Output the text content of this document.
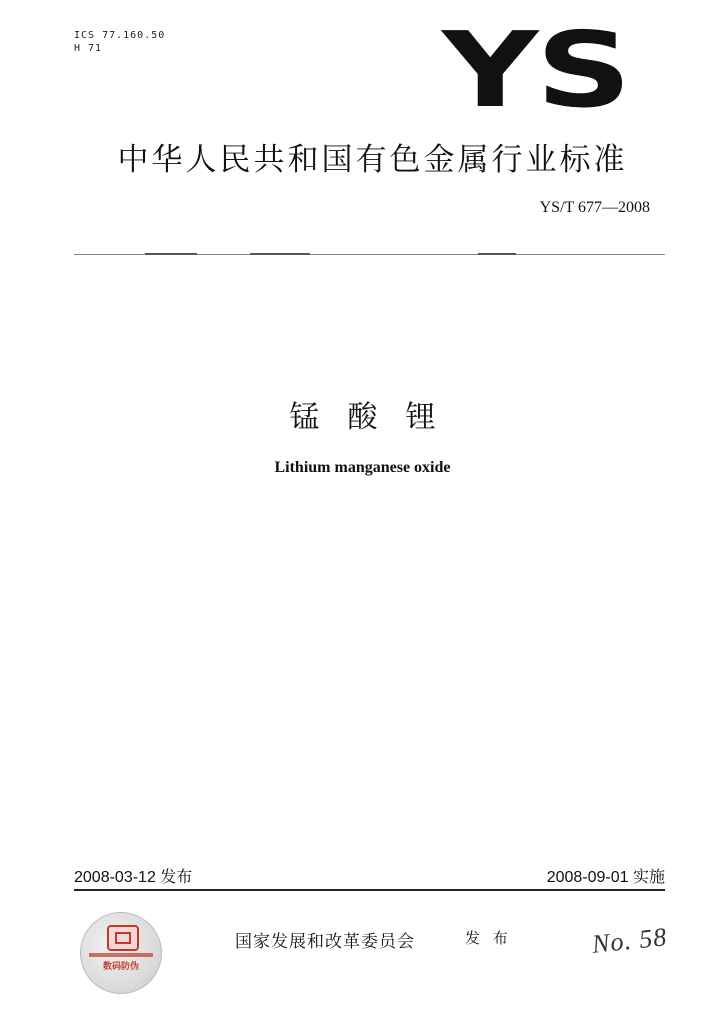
ICS 77.160.50
H 71	YS
中华人民共和国有色金属行业标准
YS/T 677—2008
锰酸锂
Lithium manganese oxide
2008-03-12 发布	2008-09-01 实施
数码防伪
国家发展和改革委员会	发 布	No. 58
